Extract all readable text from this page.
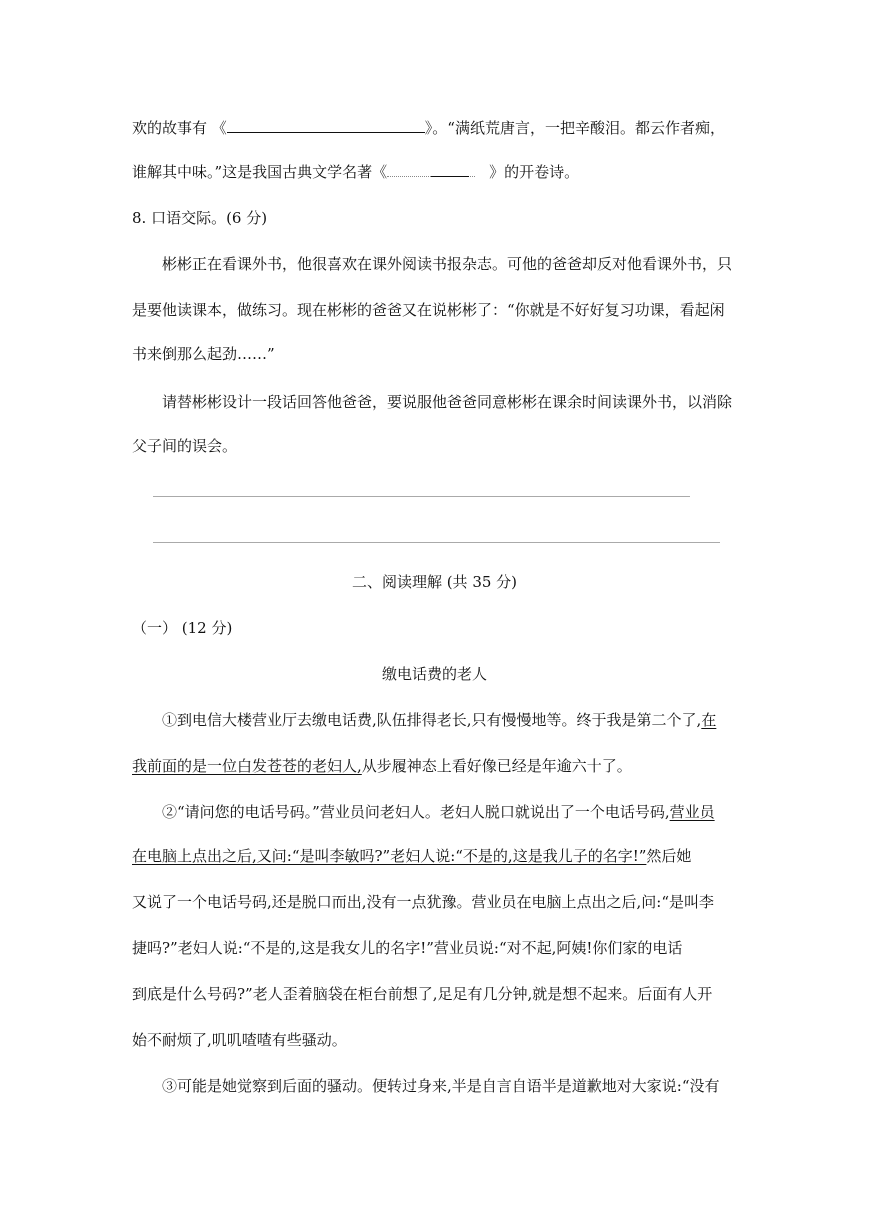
欢的故事有 《	》。“满纸荒唐言，一把辛酸泪。都云作者痴，
谁解其中味。”这是我国古典文学名著《	》的开卷诗。
8. 口语交际。(6 分)
彬彬正在看课外书，他很喜欢在课外阅读书报杂志。可他的爸爸却反对他看课外书，只
是要他读课本，做练习。现在彬彬的爸爸又在说彬彬了：“你就是不好好复习功课，看起闲
书来倒那么起劲……”
请替彬彬设计一段话回答他爸爸，要说服他爸爸同意彬彬在课余时间读课外书，以消除
父子间的误会。
二、阅读理解 (共 35 分)
（一） (12 分)
缴电话费的老人
①到电信大楼营业厅去缴电话费,队伍排得老长,只有慢慢地等。终于我是第二个了,在
我前面的是一位白发苍苍的老妇人,从步履神态上看好像已经是年逾六十了。
②“请问您的电话号码。”营业员问老妇人。老妇人脱口就说出了一个电话号码,营业员
在电脑上点出之后,又问:“是叫李敏吗?”老妇人说:“不是的,这是我儿子的名字!”然后她
又说了一个电话号码,还是脱口而出,没有一点犹豫。营业员在电脑上点出之后,问:“是叫李
捷吗?”老妇人说:“不是的,这是我女儿的名字!”营业员说:“对不起,阿姨!你们家的电话
到底是什么号码?”老人歪着脑袋在柜台前想了,足足有几分钟,就是想不起来。后面有人开
始不耐烦了,叽叽喳喳有些骚动。
③可能是她觉察到后面的骚动。便转过身来,半是自言自语半是道歉地对大家说:“没有
